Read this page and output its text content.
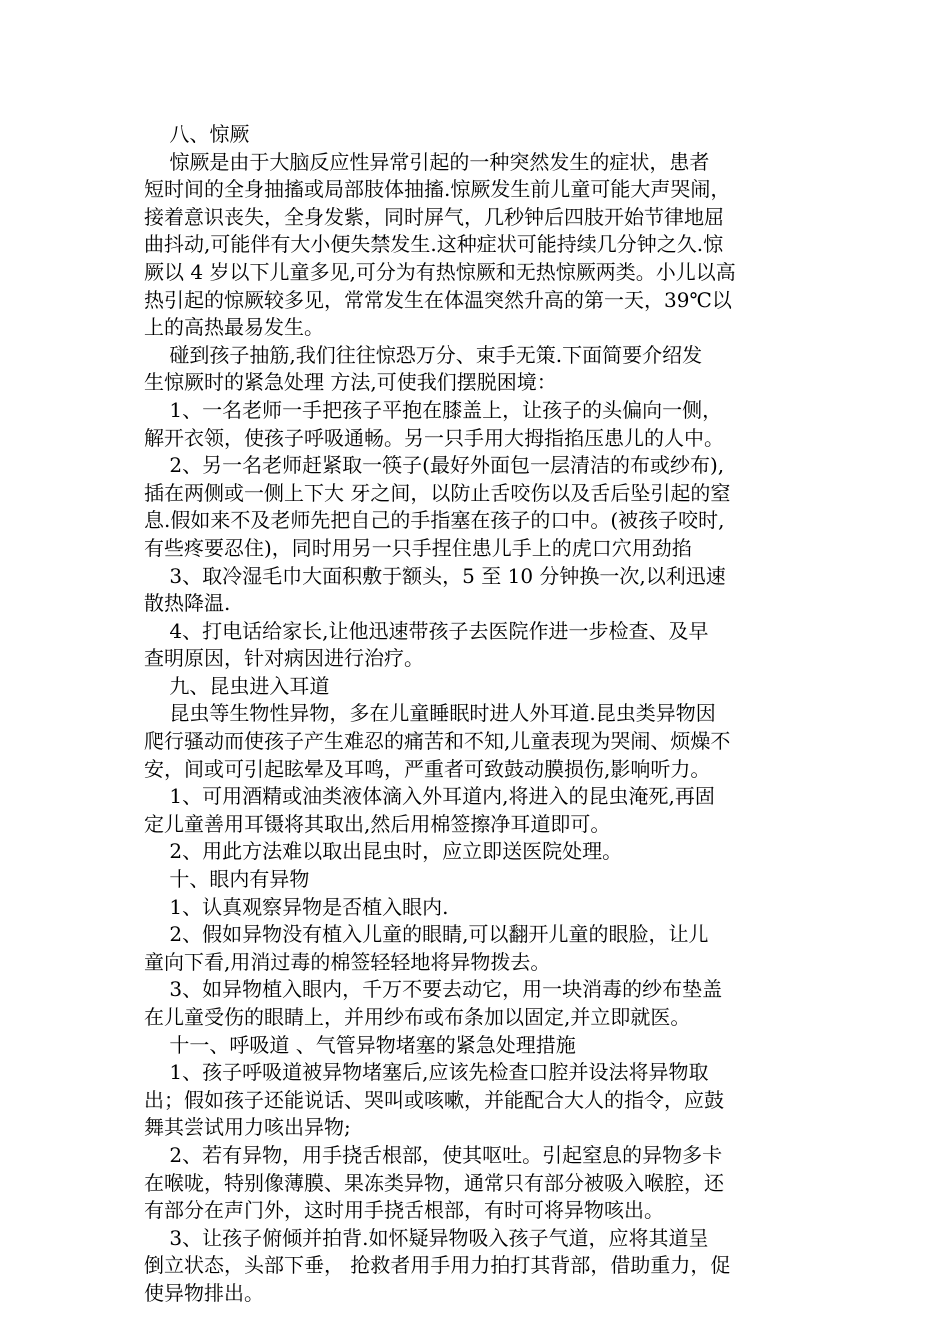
八、惊厥

惊厥是由于大脑反应性异常引起的一种突然发生的症状，患者

短时间的全身抽搐或局部肢体抽搐.惊厥发生前儿童可能大声哭闹，

接着意识丧失，全身发紫，同时屏气，几秒钟后四肢开始节律地屈

曲抖动,可能伴有大小便失禁发生.这种症状可能持续几分钟之久.惊

厥以 4 岁以下儿童多见,可分为有热惊厥和无热惊厥两类。小儿以高

热引起的惊厥较多见，常常发生在体温突然升高的第一天，39℃以

上的高热最易发生。

碰到孩子抽筋,我们往往惊恐万分、束手无策.下面简要介绍发

生惊厥时的紧急处理 方法,可使我们摆脱困境：

1、一名老师一手把孩子平抱在膝盖上，让孩子的头偏向一侧，

解开衣领，使孩子呼吸通畅。另一只手用大拇指掐压患儿的人中。

2、另一名老师赶紧取一筷子(最好外面包一层清洁的布或纱布),

插在两侧或一侧上下大 牙之间，以防止舌咬伤以及舌后坠引起的窒

息.假如来不及老师先把自己的手指塞在孩子的口中。(被孩子咬时,

有些疼要忍住)，同时用另一只手捏住患儿手上的虎口穴用劲掐

3、取冷湿毛巾大面积敷于额头，5 至 10 分钟换一次,以利迅速

散热降温.

4、打电话给家长,让他迅速带孩子去医院作进一步检查、及早

查明原因，针对病因进行治疗。

九、昆虫进入耳道

昆虫等生物性异物，多在儿童睡眠时进人外耳道.昆虫类异物因

爬行骚动而使孩子产生难忍的痛苦和不知,儿童表现为哭闹、烦燥不

安，间或可引起眩晕及耳鸣，严重者可致鼓动膜损伤,影响听力。

1、可用酒精或油类液体滴入外耳道内,将进入的昆虫淹死,再固

定儿童善用耳镊将其取出,然后用棉签擦净耳道即可。

2、用此方法难以取出昆虫时，应立即送医院处理。

十、眼内有异物

1、认真观察异物是否植入眼内.

2、假如异物没有植入儿童的眼睛,可以翻开儿童的眼脸，让儿

童向下看,用消过毒的棉签轻轻地将异物拨去。

3、如异物植入眼内，千万不要去动它，用一块消毒的纱布垫盖

在儿童受伤的眼睛上，并用纱布或布条加以固定,并立即就医。

十一、呼吸道 、气管异物堵塞的紧急处理措施

1、孩子呼吸道被异物堵塞后,应该先检查口腔并设法将异物取

出；假如孩子还能说话、哭叫或咳嗽，并能配合大人的指令，应鼓

舞其尝试用力咳出异物;

2、若有异物，用手挠舌根部，使其呕吐。引起窒息的异物多卡

在喉咙，特别像薄膜、果冻类异物，通常只有部分被吸入喉腔，还

有部分在声门外，这时用手挠舌根部，有时可将异物咳出。

3、让孩子俯倾并拍背.如怀疑异物吸入孩子气道，应将其道呈

倒立状态，头部下垂， 抢救者用手用力拍打其背部，借助重力，促

使异物排出。
